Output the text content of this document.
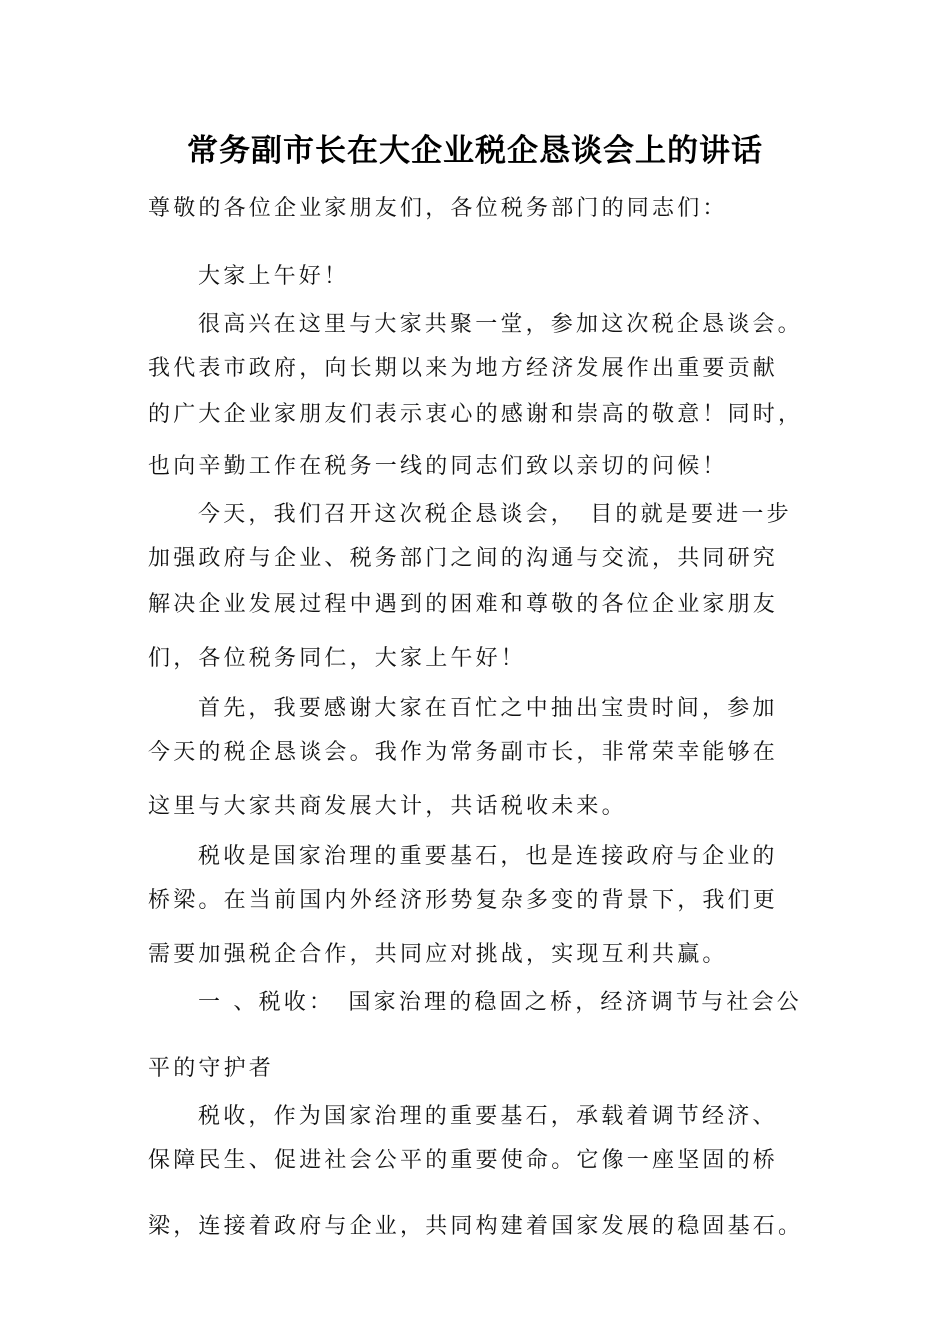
常务副市长在大企业税企恳谈会上的讲话
尊敬的各位企业家朋友们，各位税务部门的同志们：
大家上午好！
很高兴在这里与大家共聚一堂，参加这次税企恳谈会。
我代表市政府，向长期以来为地方经济发展作出重要贡献
的广大企业家朋友们表示衷心的感谢和崇高的敬意！同时，
也向辛勤工作在税务一线的同志们致以亲切的问候！
今天，我们召开这次税企恳谈会，　目的就是要进一步
加强政府与企业、税务部门之间的沟通与交流，共同研究
解决企业发展过程中遇到的困难和尊敬的各位企业家朋友
们，各位税务同仁，大家上午好！
首先，我要感谢大家在百忙之中抽出宝贵时间，参加
今天的税企恳谈会。我作为常务副市长，非常荣幸能够在
这里与大家共商发展大计，共话税收未来。
税收是国家治理的重要基石，也是连接政府与企业的
桥梁。在当前国内外经济形势复杂多变的背景下，我们更
需要加强税企合作，共同应对挑战，实现互利共赢。
一 、税收：　国家治理的稳固之桥，经济调节与社会公
平的守护者
税收，作为国家治理的重要基石，承载着调节经济、
保障民生、促进社会公平的重要使命。它像一座坚固的桥
梁，连接着政府与企业，共同构建着国家发展的稳固基石。
